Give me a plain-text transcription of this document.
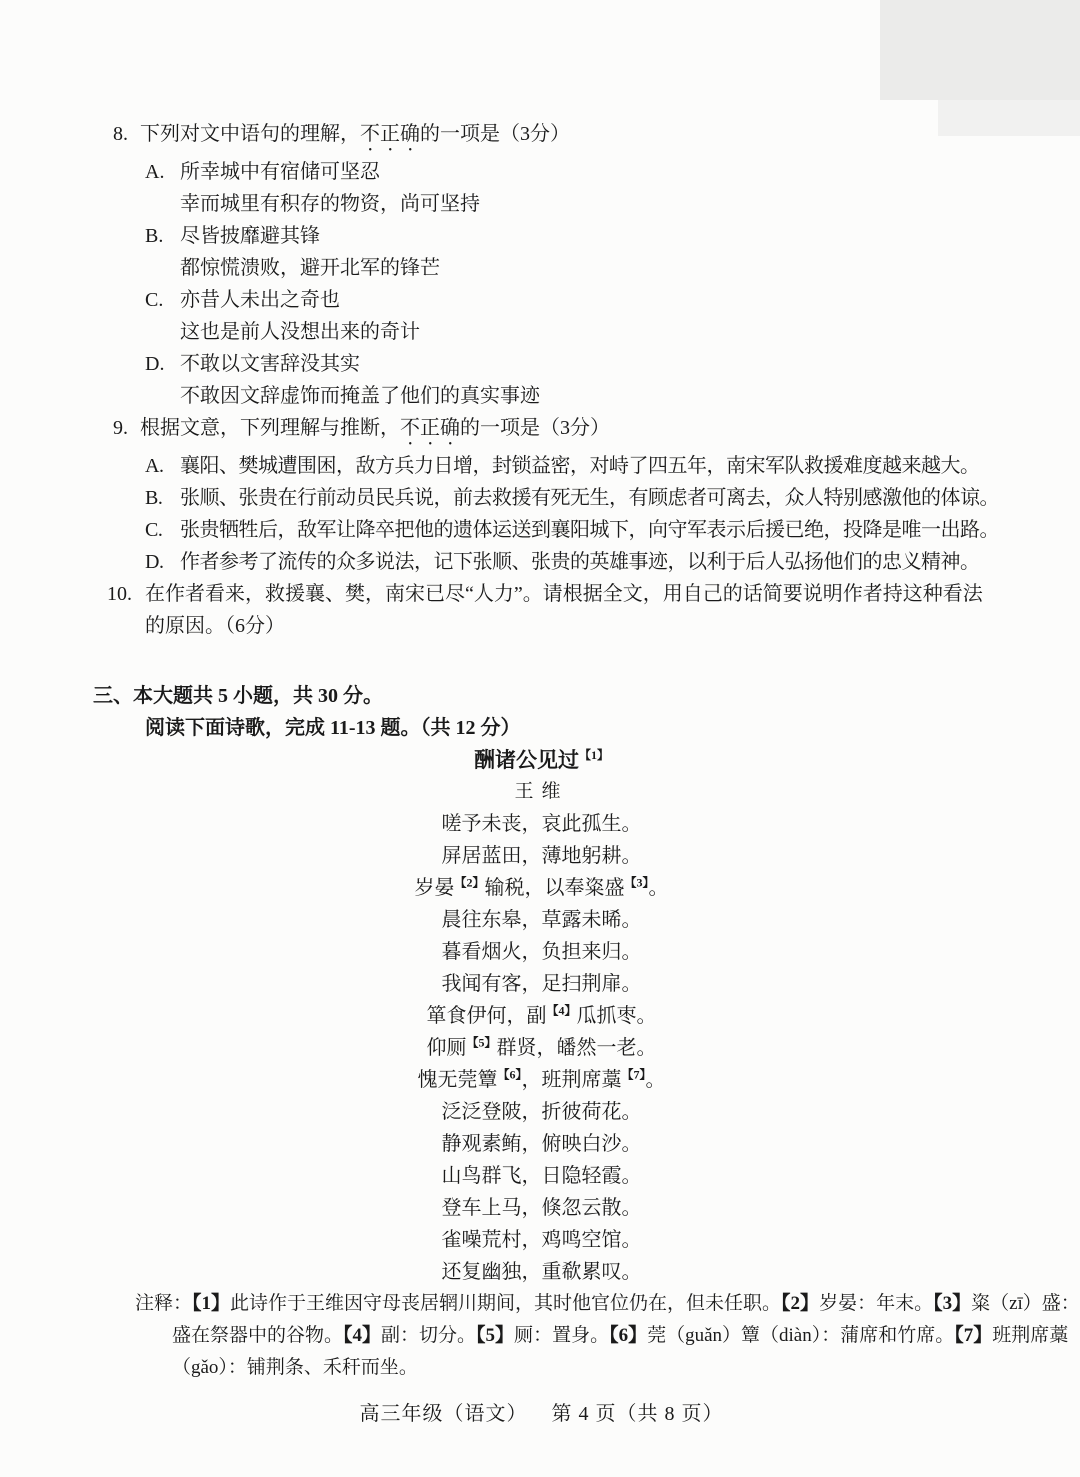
8. 下列对文中语句的理解，不正确的一项是（3分）
A. 所幸城中有宿储可坚忍
幸而城里有积存的物资，尚可坚持
B. 尽皆披靡避其锋
都惊慌溃败，避开北军的锋芒
C. 亦昔人未出之奇也
这也是前人没想出来的奇计
D. 不敢以文害辞没其实
不敢因文辞虚饰而掩盖了他们的真实事迹
9. 根据文意，下列理解与推断，不正确的一项是（3分）
A. 襄阳、樊城遭围困，敌方兵力日增，封锁益密，对峙了四五年，南宋军队救援难度越来越大。
B. 张顺、张贵在行前动员民兵说，前去救援有死无生，有顾虑者可离去，众人特别感激他的体谅。
C. 张贵牺牲后，敌军让降卒把他的遗体运送到襄阳城下，向守军表示后援已绝，投降是唯一出路。
D. 作者参考了流传的众多说法，记下张顺、张贵的英雄事迹，以利于后人弘扬他们的忠义精神。
10. 在作者看来，救援襄、樊，南宋已尽“人力”。请根据全文，用自己的话简要说明作者持这种看法的原因。（6分）
三、本大题共 5 小题，共 30 分。
阅读下面诗歌，完成 11-13 题。（共 12 分）
酬诸公见过$^{【1】}$
王维
嗟予未丧，哀此孤生。
屏居蓝田，薄地躬耕。
岁晏$^{【2】}$输税，以奉粢盛$^{【3】}$。
晨往东皋，草露未晞。
暮看烟火，负担来归。
我闻有客，足扫荆扉。
箪食伊何，副$^{【4】}$瓜抓枣。
仰厕$^{【5】}$群贤，皤然一老。
愧无莞簟$^{【6】}$，班荆席藁$^{【7】}$。
泛泛登陂，折彼荷花。
静观素鲔，俯映白沙。
山鸟群飞，日隐轻霞。
登车上马，倏忽云散。
雀噪荒村，鸡鸣空馆。
还复幽独，重欷累叹。
注释：【1】此诗作于王维因守母丧居辋川期间，其时他官位仍在，但未任职。【2】岁晏：年末。【3】粢（zī）盛：
盛在祭器中的谷物。【4】副：切分。【5】厕：置身。【6】莞（guǎn）簟（diàn）：蒲席和竹席。【7】班荆席藁
（gǎo）：铺荆条、禾秆而坐。
高三年级（语文） 第 4 页（共 8 页）
